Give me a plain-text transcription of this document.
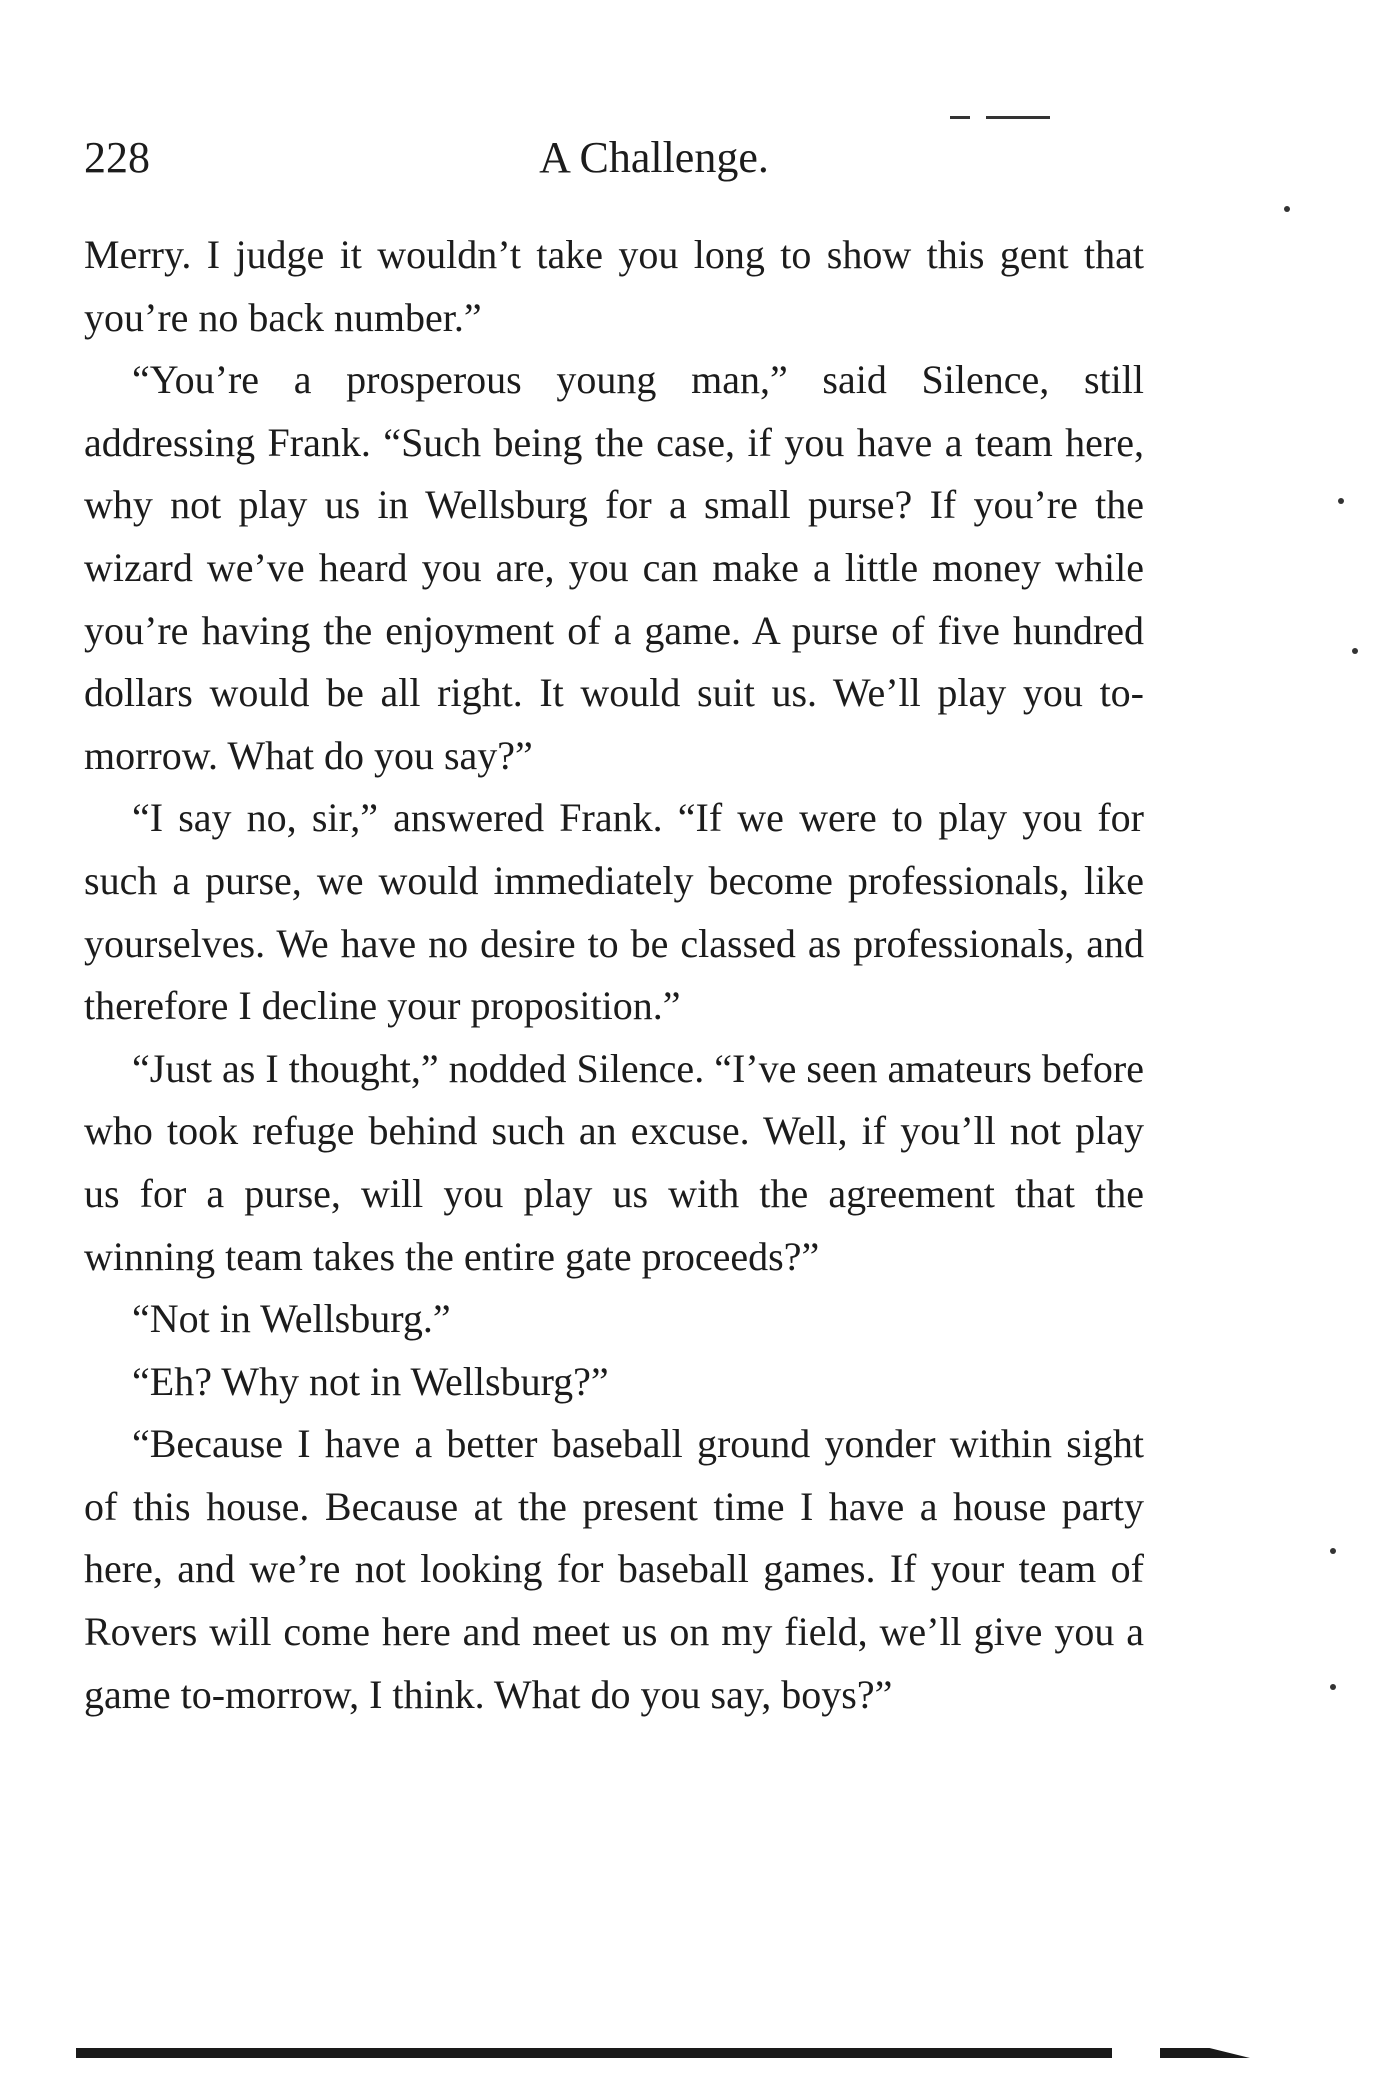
228	A Challenge.

Merry. I judge it wouldn’t take you long to show this gent that you’re no back number.”

“You’re a prosperous young man,” said Silence, still addressing Frank. “Such being the case, if you have a team here, why not play us in Wellsburg for a small purse? If you’re the wizard we’ve heard you are, you can make a little money while you’re having the enjoyment of a game. A purse of five hundred dollars would be all right. It would suit us. We’ll play you to-morrow. What do you say?”

“I say no, sir,” answered Frank. “If we were to play you for such a purse, we would immediately become professionals, like yourselves. We have no desire to be classed as professionals, and therefore I decline your proposition.”

“Just as I thought,” nodded Silence. “I’ve seen amateurs before who took refuge behind such an excuse. Well, if you’ll not play us for a purse, will you play us with the agreement that the winning team takes the entire gate proceeds?”

“Not in Wellsburg.”

“Eh? Why not in Wellsburg?”

“Because I have a better baseball ground yonder within sight of this house. Because at the present time I have a house party here, and we’re not looking for baseball games. If your team of Rovers will come here and meet us on my field, we’ll give you a game to-morrow, I think. What do you say, boys?”
